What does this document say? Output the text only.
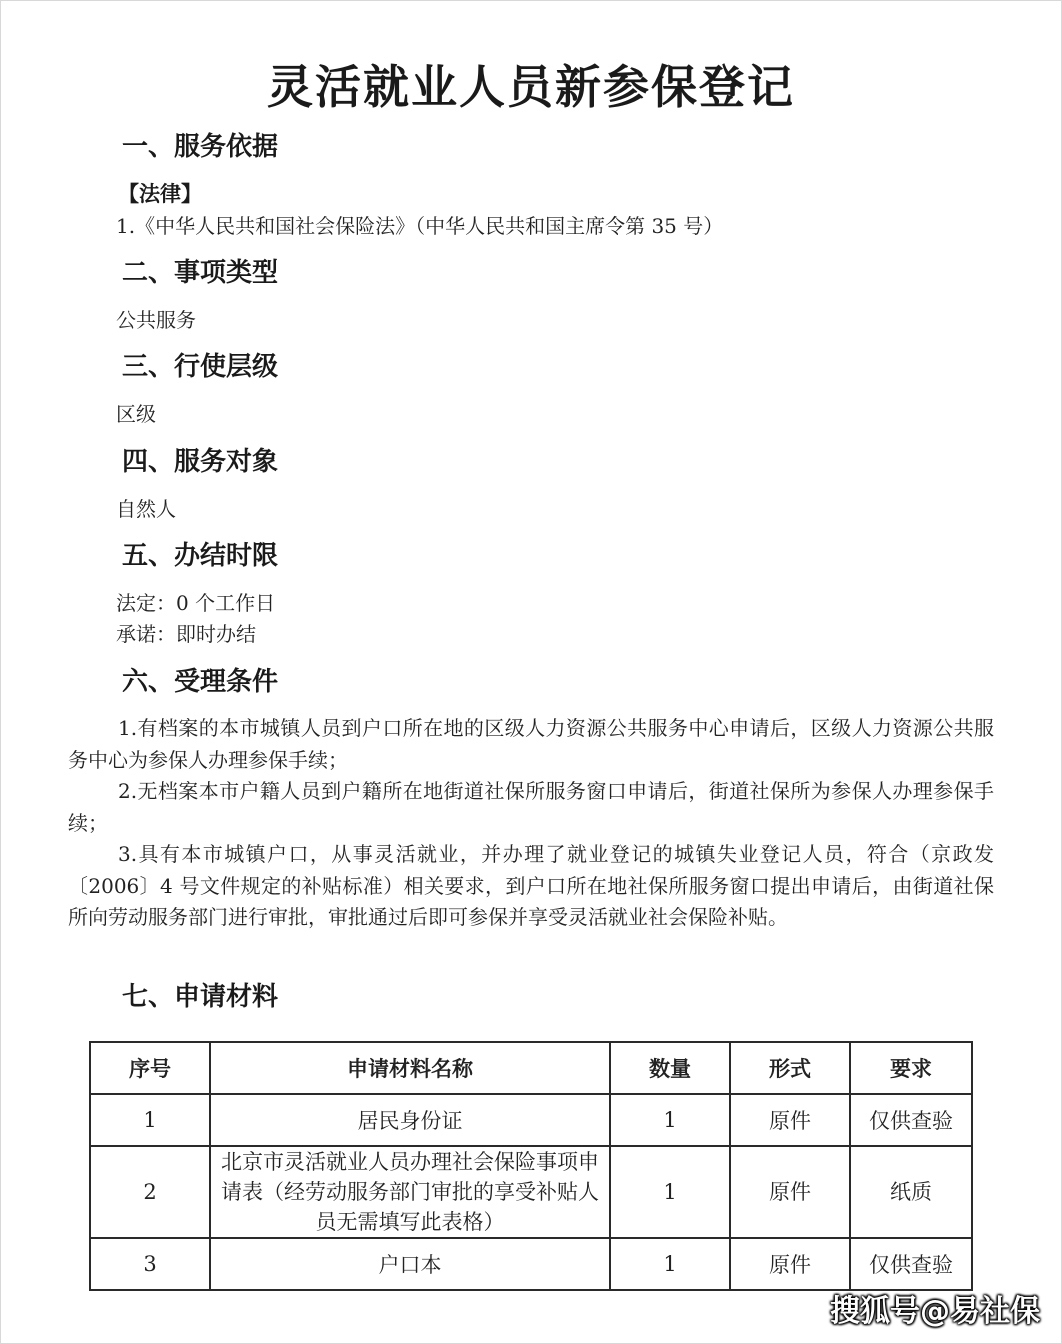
灵活就业人员新参保登记
一、服务依据
【法律】
1.《中华人民共和国社会保险法》（中华人民共和国主席令第 35 号）
二、事项类型
公共服务
三、行使层级
区级
四、服务对象
自然人
五、办结时限
法定：0 个工作日
承诺：即时办结
六、受理条件
1.有档案的本市城镇人员到户口所在地的区级人力资源公共服务中心申请后，区级人力资源公共服务中心为参保人办理参保手续；
2.无档案本市户籍人员到户籍所在地街道社保所服务窗口申请后，街道社保所为参保人办理参保手续；
3.具有本市城镇户口，从事灵活就业，并办理了就业登记的城镇失业登记人员，符合（京政发〔2006〕4 号文件规定的补贴标准）相关要求，到户口所在地社保所服务窗口提出申请后，由街道社保所向劳动服务部门进行审批，审批通过后即可参保并享受灵活就业社会保险补贴。
七、申请材料
序号	申请材料名称	数量	形式	要求
1	居民身份证	1	原件	仅供查验
2	北京市灵活就业人员办理社会保险事项申请表（经劳动服务部门审批的享受补贴人员无需填写此表格）	1	原件	纸质
3	户口本	1	原件	仅供查验
搜狐号@易社保
